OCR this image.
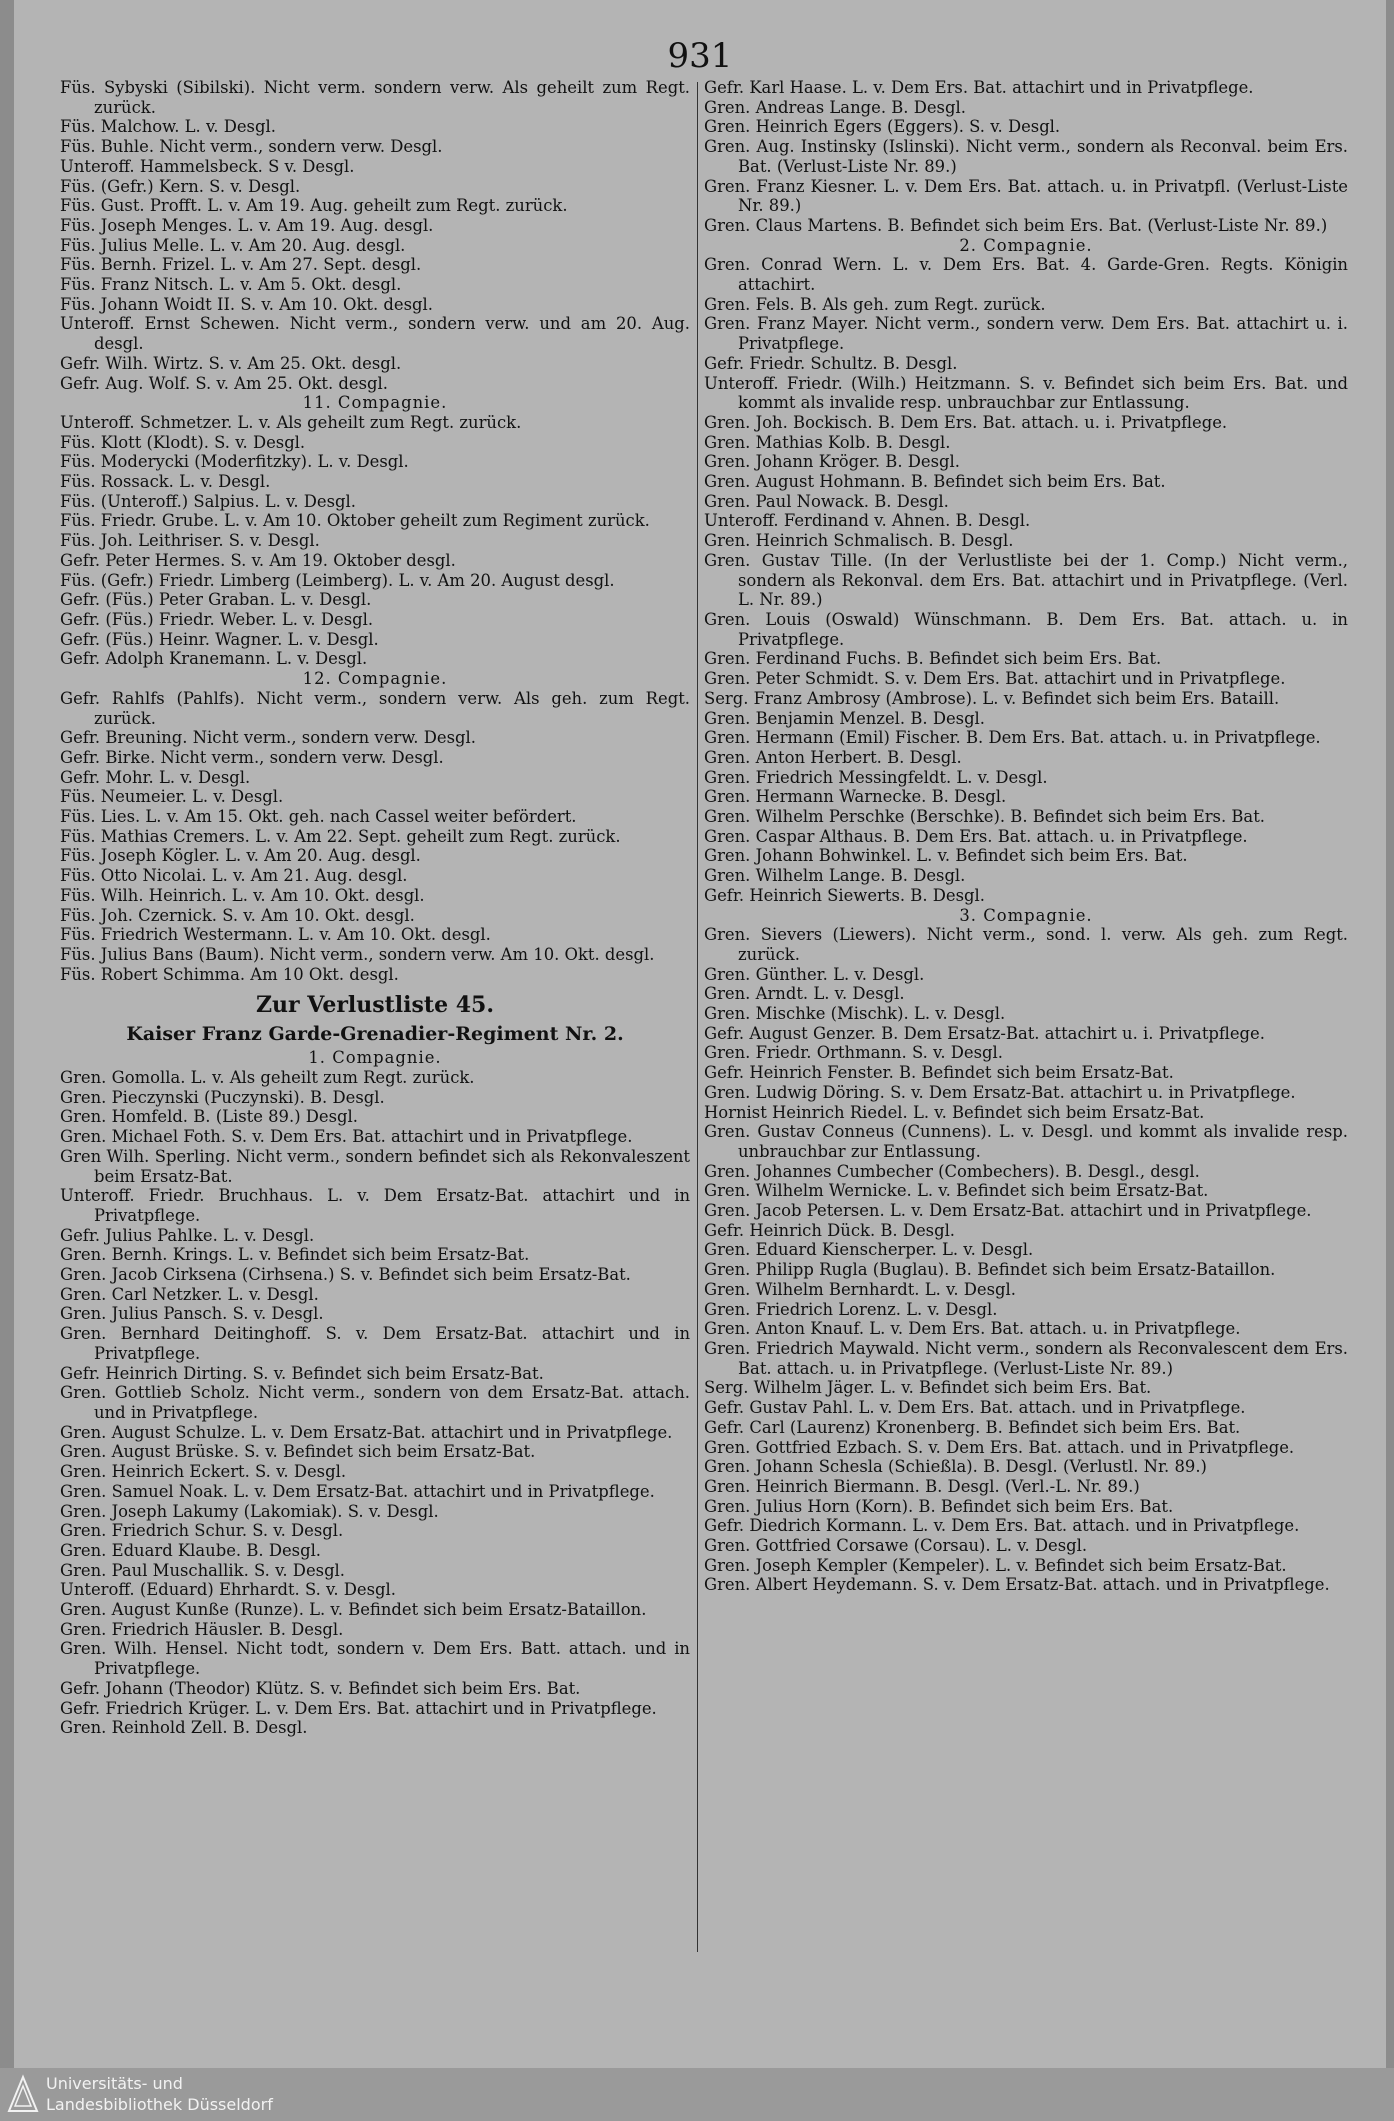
931

Füs. Sybyski (Sibilski). Nicht verm. sondern verw. Als geheilt zum Regt. zurück.

Füs. Malchow. L. v. Desgl.

Füs. Buhle. Nicht verm., sondern verw. Desgl.

Unteroff. Hammelsbeck. S v. Desgl.

Füs. (Gefr.) Kern. S. v. Desgl.

Füs. Gust. Profft. L. v. Am 19. Aug. geheilt zum Regt. zurück.

Füs. Joseph Menges. L. v. Am 19. Aug. desgl.

Füs. Julius Melle. L. v. Am 20. Aug. desgl.

Füs. Bernh. Frizel. L. v. Am 27. Sept. desgl.

Füs. Franz Nitsch. L. v. Am 5. Okt. desgl.

Füs. Johann Woidt II. S. v. Am 10. Okt. desgl.

Unteroff. Ernst Schewen. Nicht verm., sondern verw. und am 20. Aug. desgl.

Gefr. Wilh. Wirtz. S. v. Am 25. Okt. desgl.

Gefr. Aug. Wolf. S. v. Am 25. Okt. desgl.

11. Compagnie.

Unteroff. Schmetzer. L. v. Als geheilt zum Regt. zurück.

Füs. Klott (Klodt). S. v. Desgl.

Füs. Moderycki (Moderfitzky). L. v. Desgl.

Füs. Rossack. L. v. Desgl.

Füs. (Unteroff.) Salpius. L. v. Desgl.

Füs. Friedr. Grube. L. v. Am 10. Oktober geheilt zum Regiment zurück.

Füs. Joh. Leithriser. S. v. Desgl.

Gefr. Peter Hermes. S. v. Am 19. Oktober desgl.

Füs. (Gefr.) Friedr. Limberg (Leimberg). L. v. Am 20. August desgl.

Gefr. (Füs.) Peter Graban. L. v. Desgl.

Gefr. (Füs.) Friedr. Weber. L. v. Desgl.

Gefr. (Füs.) Heinr. Wagner. L. v. Desgl.

Gefr. Adolph Kranemann. L. v. Desgl.

12. Compagnie.

Gefr. Rahlfs (Pahlfs). Nicht verm., sondern verw. Als geh. zum Regt. zurück.

Gefr. Breuning. Nicht verm., sondern verw. Desgl.

Gefr. Birke. Nicht verm., sondern verw. Desgl.

Gefr. Mohr. L. v. Desgl.

Füs. Neumeier. L. v. Desgl.

Füs. Lies. L. v. Am 15. Okt. geh. nach Cassel weiter befördert.

Füs. Mathias Cremers. L. v. Am 22. Sept. geheilt zum Regt. zurück.

Füs. Joseph Kögler. L. v. Am 20. Aug. desgl.

Füs. Otto Nicolai. L. v. Am 21. Aug. desgl.

Füs. Wilh. Heinrich. L. v. Am 10. Okt. desgl.

Füs. Joh. Czernick. S. v. Am 10. Okt. desgl.

Füs. Friedrich Westermann. L. v. Am 10. Okt. desgl.

Füs. Julius Bans (Baum). Nicht verm., sondern verw. Am 10. Okt. desgl.

Füs. Robert Schimma. Am 10 Okt. desgl.

Zur Verlustliste 45.

Kaiser Franz Garde-Grenadier-Regiment Nr. 2.

1. Compagnie.

Gren. Gomolla. L. v. Als geheilt zum Regt. zurück.

Gren. Pieczynski (Puczynski). B. Desgl.

Gren. Homfeld. B. (Liste 89.) Desgl.

Gren. Michael Foth. S. v. Dem Ers. Bat. attachirt und in Privatpflege.

Gren Wilh. Sperling. Nicht verm., sondern befindet sich als Rekonvaleszent beim Ersatz-Bat.

Unteroff. Friedr. Bruchhaus. L. v. Dem Ersatz-Bat. attachirt und in Privatpflege.

Gefr. Julius Pahlke. L. v. Desgl.

Gren. Bernh. Krings. L. v. Befindet sich beim Ersatz-Bat.

Gren. Jacob Cirksena (Cirhsena.) S. v. Befindet sich beim Ersatz-Bat.

Gren. Carl Netzker. L. v. Desgl.

Gren. Julius Pansch. S. v. Desgl.

Gren. Bernhard Deitinghoff. S. v. Dem Ersatz-Bat. attachirt und in Privatpflege.

Gefr. Heinrich Dirting. S. v. Befindet sich beim Ersatz-Bat.

Gren. Gottlieb Scholz. Nicht verm., sondern von dem Ersatz-Bat. attach. und in Privatpflege.

Gren. August Schulze. L. v. Dem Ersatz-Bat. attachirt und in Privatpflege.

Gren. August Brüske. S. v. Befindet sich beim Ersatz-Bat.

Gren. Heinrich Eckert. S. v. Desgl.

Gren. Samuel Noak. L. v. Dem Ersatz-Bat. attachirt und in Privatpflege.

Gren. Joseph Lakumy (Lakomiak). S. v. Desgl.

Gren. Friedrich Schur. S. v. Desgl.

Gren. Eduard Klaube. B. Desgl.

Gren. Paul Muschallik. S. v. Desgl.

Unteroff. (Eduard) Ehrhardt. S. v. Desgl.

Gren. August Kunße (Runze). L. v. Befindet sich beim Ersatz-Bataillon.

Gren. Friedrich Häusler. B. Desgl.

Gren. Wilh. Hensel. Nicht todt, sondern v. Dem Ers. Batt. attach. und in Privatpflege.

Gefr. Johann (Theodor) Klütz. S. v. Befindet sich beim Ers. Bat.

Gefr. Friedrich Krüger. L. v. Dem Ers. Bat. attachirt und in Privatpflege.

Gren. Reinhold Zell. B. Desgl.

Gefr. Karl Haase. L. v. Dem Ers. Bat. attachirt und in Privatpflege.

Gren. Andreas Lange. B. Desgl.

Gren. Heinrich Egers (Eggers). S. v. Desgl.

Gren. Aug. Instinsky (Islinski). Nicht verm., sondern als Reconval. beim Ers. Bat. (Verlust-Liste Nr. 89.)

Gren. Franz Kiesner. L. v. Dem Ers. Bat. attach. u. in Privatpfl. (Verlust-Liste Nr. 89.)

Gren. Claus Martens. B. Befindet sich beim Ers. Bat. (Verlust-Liste Nr. 89.)

2. Compagnie.

Gren. Conrad Wern. L. v. Dem Ers. Bat. 4. Garde-Gren. Regts. Königin attachirt.

Gren. Fels. B. Als geh. zum Regt. zurück.

Gren. Franz Mayer. Nicht verm., sondern verw. Dem Ers. Bat. attachirt u. i. Privatpflege.

Gefr. Friedr. Schultz. B. Desgl.

Unteroff. Friedr. (Wilh.) Heitzmann. S. v. Befindet sich beim Ers. Bat. und kommt als invalide resp. unbrauchbar zur Entlassung.

Gren. Joh. Bockisch. B. Dem Ers. Bat. attach. u. i. Privatpflege.

Gren. Mathias Kolb. B. Desgl.

Gren. Johann Kröger. B. Desgl.

Gren. August Hohmann. B. Befindet sich beim Ers. Bat.

Gren. Paul Nowack. B. Desgl.

Unteroff. Ferdinand v. Ahnen. B. Desgl.

Gren. Heinrich Schmalisch. B. Desgl.

Gren. Gustav Tille. (In der Verlustliste bei der 1. Comp.) Nicht verm., sondern als Rekonval. dem Ers. Bat. attachirt und in Privatpflege. (Verl. L. Nr. 89.)

Gren. Louis (Oswald) Wünschmann. B. Dem Ers. Bat. attach. u. in Privatpflege.

Gren. Ferdinand Fuchs. B. Befindet sich beim Ers. Bat.

Gren. Peter Schmidt. S. v. Dem Ers. Bat. attachirt und in Privatpflege.

Serg. Franz Ambrosy (Ambrose). L. v. Befindet sich beim Ers. Bataill.

Gren. Benjamin Menzel. B. Desgl.

Gren. Hermann (Emil) Fischer. B. Dem Ers. Bat. attach. u. in Privatpflege.

Gren. Anton Herbert. B. Desgl.

Gren. Friedrich Messingfeldt. L. v. Desgl.

Gren. Hermann Warnecke. B. Desgl.

Gren. Wilhelm Perschke (Berschke). B. Befindet sich beim Ers. Bat.

Gren. Caspar Althaus. B. Dem Ers. Bat. attach. u. in Privatpflege.

Gren. Johann Bohwinkel. L. v. Befindet sich beim Ers. Bat.

Gren. Wilhelm Lange. B. Desgl.

Gefr. Heinrich Siewerts. B. Desgl.

3. Compagnie.

Gren. Sievers (Liewers). Nicht verm., sond. l. verw. Als geh. zum Regt. zurück.

Gren. Günther. L. v. Desgl.

Gren. Arndt. L. v. Desgl.

Gren. Mischke (Mischk). L. v. Desgl.

Gefr. August Genzer. B. Dem Ersatz-Bat. attachirt u. i. Privatpflege.

Gren. Friedr. Orthmann. S. v. Desgl.

Gefr. Heinrich Fenster. B. Befindet sich beim Ersatz-Bat.

Gren. Ludwig Döring. S. v. Dem Ersatz-Bat. attachirt u. in Privatpflege.

Hornist Heinrich Riedel. L. v. Befindet sich beim Ersatz-Bat.

Gren. Gustav Conneus (Cunnens). L. v. Desgl. und kommt als invalide resp. unbrauchbar zur Entlassung.

Gren. Johannes Cumbecher (Combechers). B. Desgl., desgl.

Gren. Wilhelm Wernicke. L. v. Befindet sich beim Ersatz-Bat.

Gren. Jacob Petersen. L. v. Dem Ersatz-Bat. attachirt und in Privatpflege.

Gefr. Heinrich Dück. B. Desgl.

Gren. Eduard Kienscherper. L. v. Desgl.

Gren. Philipp Rugla (Buglau). B. Befindet sich beim Ersatz-Bataillon.

Gren. Wilhelm Bernhardt. L. v. Desgl.

Gren. Friedrich Lorenz. L. v. Desgl.

Gren. Anton Knauf. L. v. Dem Ers. Bat. attach. u. in Privatpflege.

Gren. Friedrich Maywald. Nicht verm., sondern als Reconvalescent dem Ers. Bat. attach. u. in Privatpflege. (Verlust-Liste Nr. 89.)

Serg. Wilhelm Jäger. L. v. Befindet sich beim Ers. Bat.

Gefr. Gustav Pahl. L. v. Dem Ers. Bat. attach. und in Privatpflege.

Gefr. Carl (Laurenz) Kronenberg. B. Befindet sich beim Ers. Bat.

Gren. Gottfried Ezbach. S. v. Dem Ers. Bat. attach. und in Privatpflege.

Gren. Johann Schesla (Schießla). B. Desgl. (Verlustl. Nr. 89.)

Gren. Heinrich Biermann. B. Desgl. (Verl.-L. Nr. 89.)

Gren. Julius Horn (Korn). B. Befindet sich beim Ers. Bat.

Gefr. Diedrich Kormann. L. v. Dem Ers. Bat. attach. und in Privatpflege.

Gren. Gottfried Corsawe (Corsau). L. v. Desgl.

Gren. Joseph Kempler (Kempeler). L. v. Befindet sich beim Ersatz-Bat.

Gren. Albert Heydemann. S. v. Dem Ersatz-Bat. attach. und in Privatpflege.

Universitäts- und
Landesbibliothek Düsseldorf
